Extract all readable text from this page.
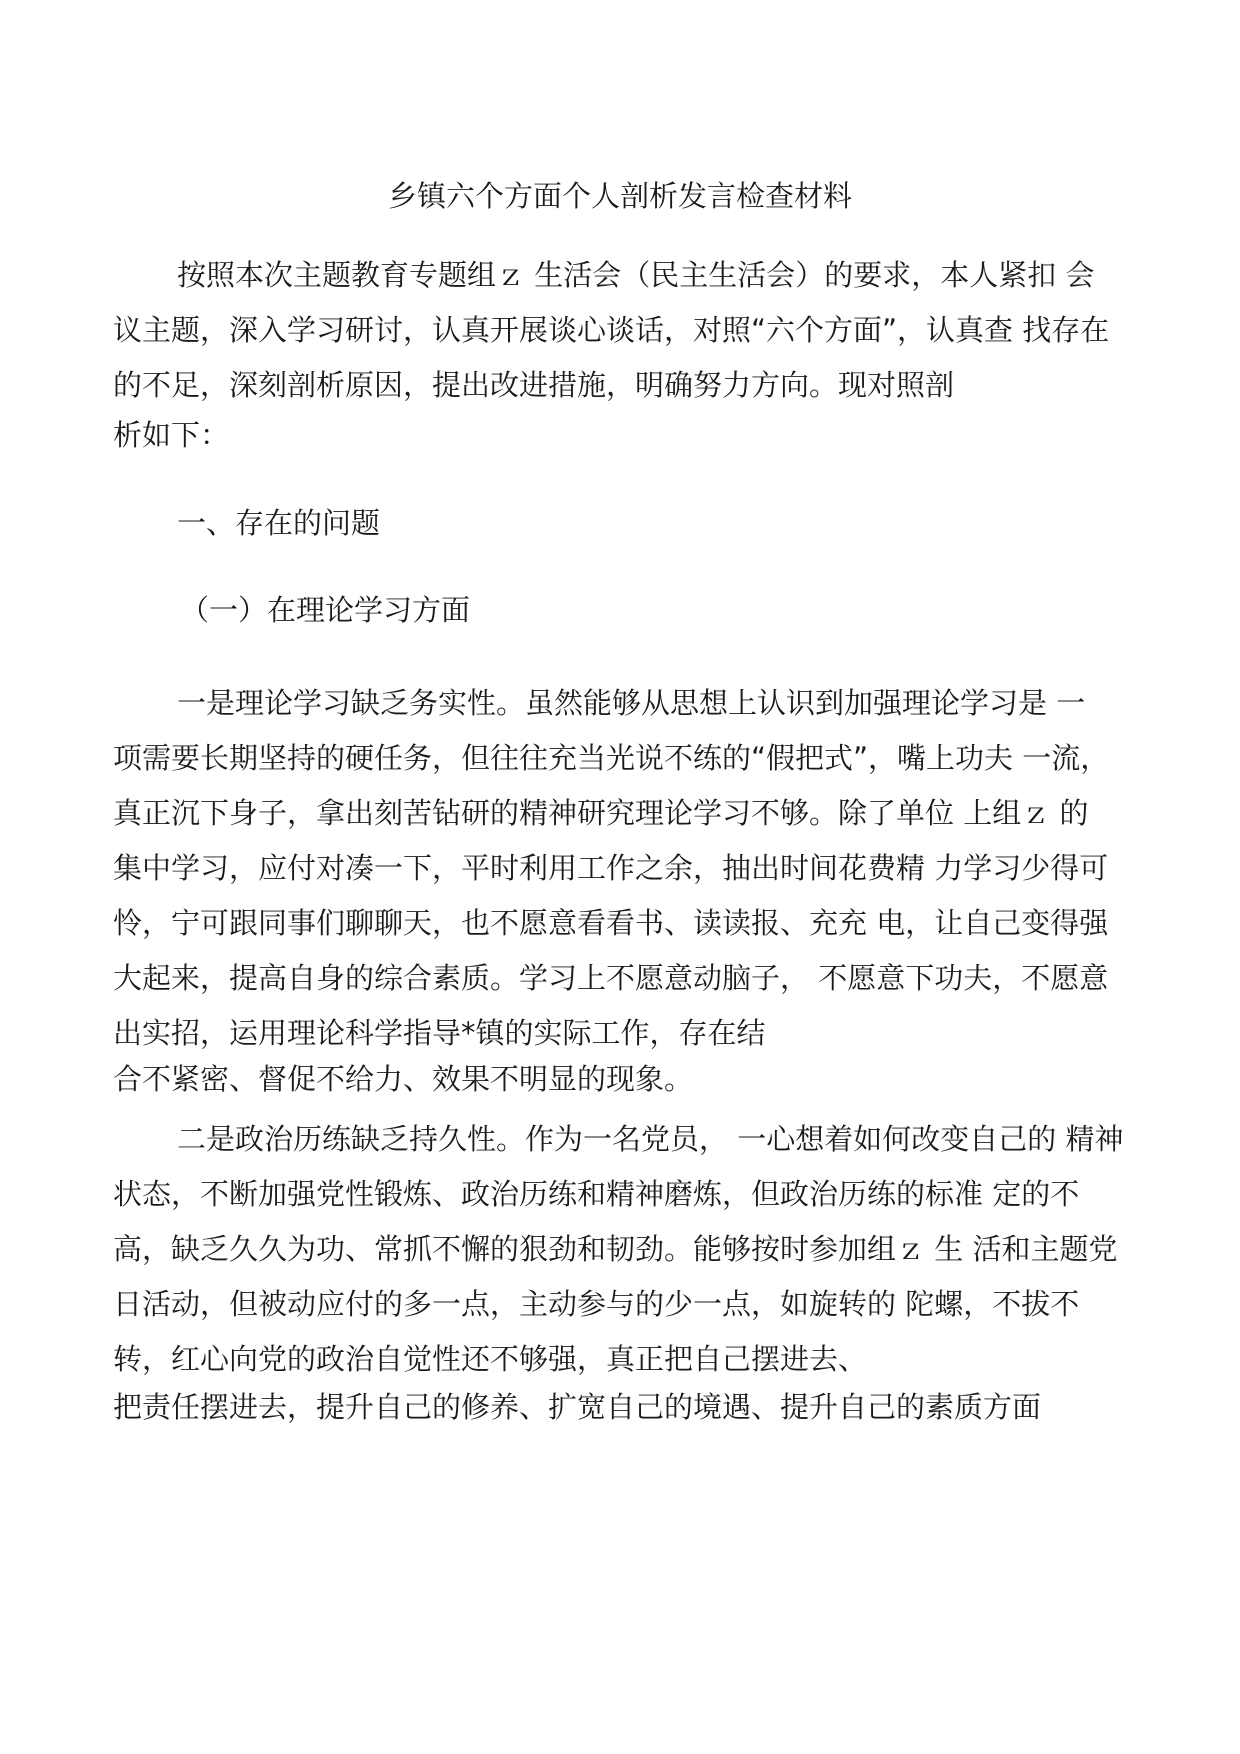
乡镇六个方面个人剖析发言检查材料
按照本次主题教育专题组ｚ 生活会（民主生活会）的要求，本人紧扣 会
议主题，深入学习研讨，认真开展谈心谈话，对照“六个方面”，认真查 找存在
的不足，深刻剖析原因，提出改进措施，明确努力方向。现对照剖
析如下：
一、存在的问题
（一）在理论学习方面
一是理论学习缺乏务实性。虽然能够从思想上认识到加强理论学习是 一
项需要长期坚持的硬任务，但往往充当光说不练的“假把式”，嘴上功夫 一流，
真正沉下身子，拿出刻苦钻研的精神研究理论学习不够。除了单位 上组ｚ 的
集中学习，应付对凑一下，平时利用工作之余，抽出时间花费精 力学习少得可
怜，宁可跟同事们聊聊天，也不愿意看看书、读读报、充充 电，让自己变得强
大起来，提高自身的综合素质。学习上不愿意动脑子， 不愿意下功夫，不愿意
出实招，运用理论科学指导*镇的实际工作，存在结
合不紧密、督促不给力、效果不明显的现象。
二是政治历练缺乏持久性。作为一名党员， 一心想着如何改变自己的 精神
状态，不断加强党性锻炼、政治历练和精神磨炼，但政治历练的标准 定的不
高，缺乏久久为功、常抓不懈的狠劲和韧劲。能够按时参加组ｚ 生 活和主题党
日活动，但被动应付的多一点，主动参与的少一点，如旋转的 陀螺，不拔不
转，红心向党的政治自觉性还不够强，真正把自己摆进去、
把责任摆进去，提升自己的修养、扩宽自己的境遇、提升自己的素质方面
